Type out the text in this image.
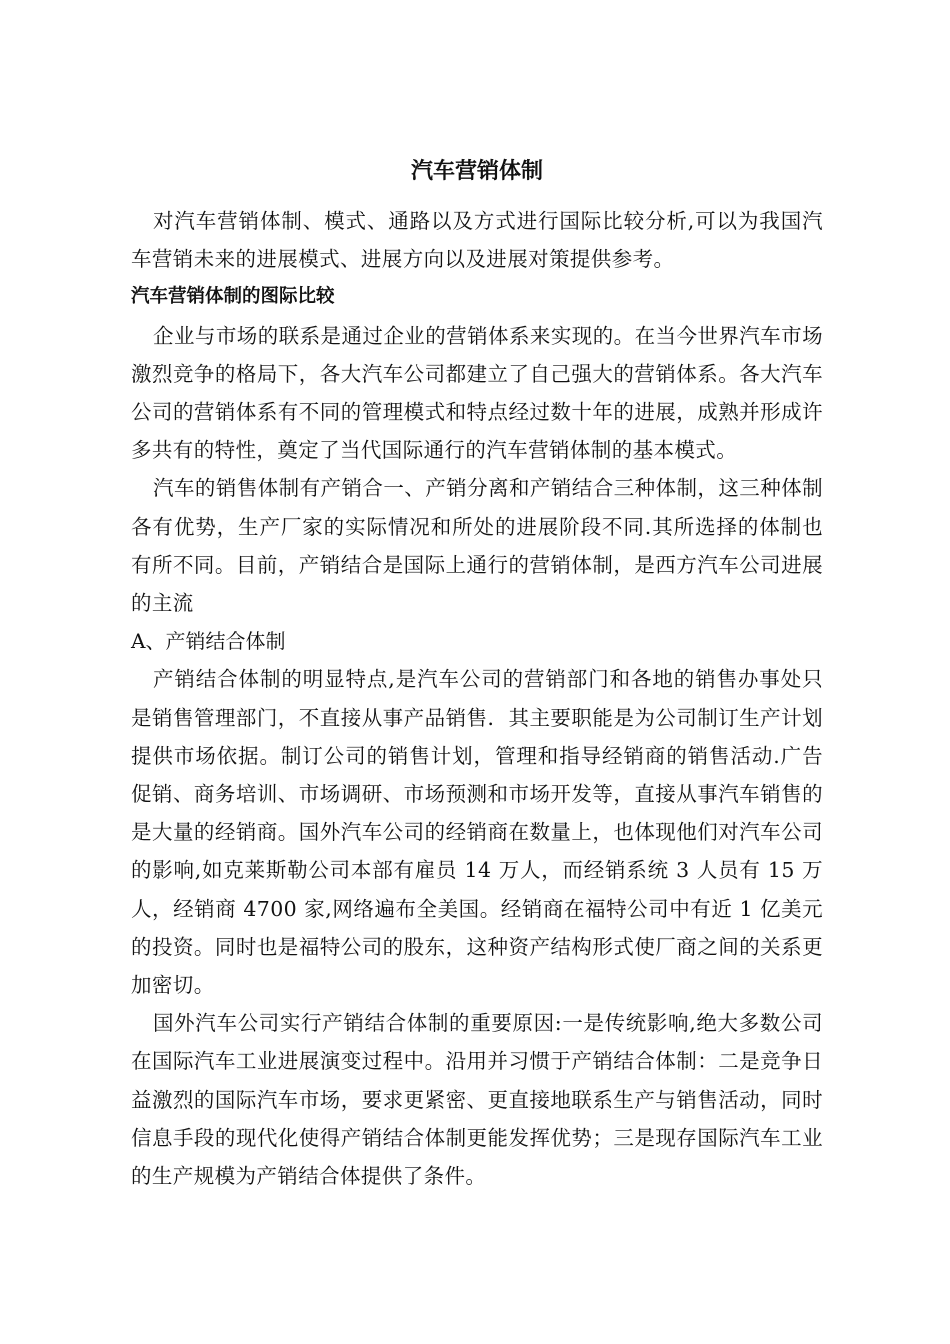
汽车营销体制

对汽车营销体制、模式、通路以及方式进行国际比较分析,可以为我国汽车营销未来的进展模式、进展方向以及进展对策提供参考。

汽车营销体制的图际比较

企业与市场的联系是通过企业的营销体系来实现的。在当今世界汽车市场激烈竞争的格局下，各大汽车公司都建立了自己强大的营销体系。各大汽车公司的营销体系有不同的管理模式和特点经过数十年的进展，成熟并形成许多共有的特性，奠定了当代国际通行的汽车营销体制的基本模式。

汽车的销售体制有产销合一、产销分离和产销结合三种体制，这三种体制各有优势，生产厂家的实际情况和所处的进展阶段不同.其所选择的体制也有所不同。目前，产销结合是国际上通行的营销体制，是西方汽车公司进展的主流

A、产销结合体制

产销结合体制的明显特点,是汽车公司的营销部门和各地的销售办事处只是销售管理部门，不直接从事产品销售．其主要职能是为公司制订生产计划提供市场依据。制订公司的销售计划，管理和指导经销商的销售活动.广告促销、商务培训、市场调研、市场预测和市场开发等，直接从事汽车销售的是大量的经销商。国外汽车公司的经销商在数量上，也体现他们对汽车公司的影响,如克莱斯勒公司本部有雇员 14 万人，而经销系统 3 人员有 15 万人，经销商 4700 家,网络遍布全美国。经销商在福特公司中有近 1 亿美元的投资。同时也是福特公司的股东，这种资产结构形式使厂商之间的关系更加密切。

国外汽车公司实行产销结合体制的重要原因:一是传统影响,绝大多数公司在国际汽车工业进展演变过程中。沿用并习惯于产销结合体制：二是竞争日益激烈的国际汽车市场，要求更紧密、更直接地联系生产与销售活动，同时信息手段的现代化使得产销结合体制更能发挥优势；三是现存国际汽车工业的生产规模为产销结合体提供了条件。
